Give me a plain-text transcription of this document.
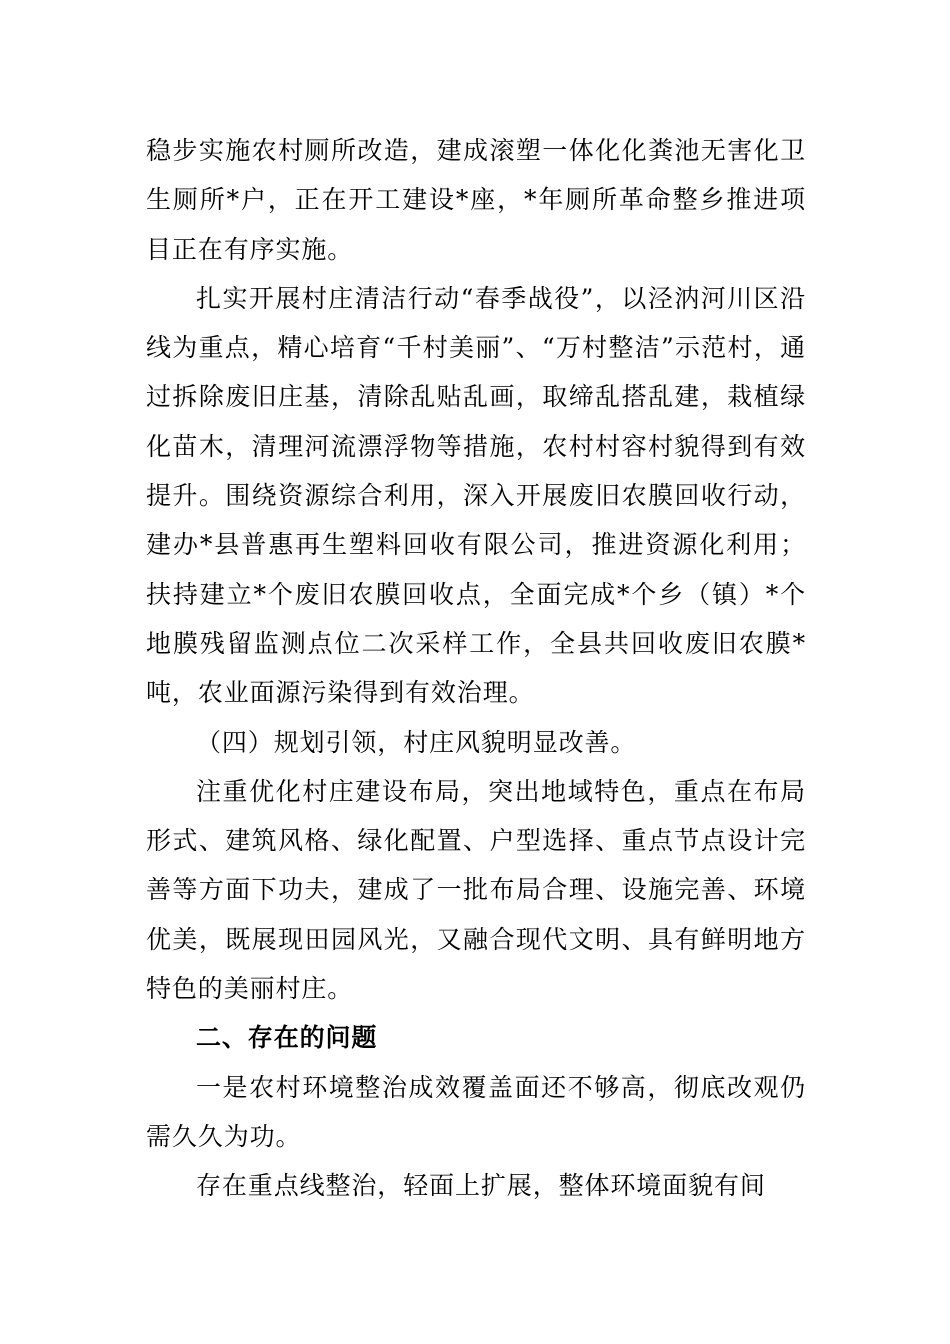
稳步实施农村厕所改造，建成滚塑一体化化粪池无害化卫生厕所*户，正在开工建设*座，*年厕所革命整乡推进项目正在有序实施。

扎实开展村庄清洁行动“春季战役”，以泾汭河川区沿线为重点，精心培育“千村美丽”、“万村整洁”示范村，通过拆除废旧庄基，清除乱贴乱画，取缔乱搭乱建，栽植绿化苗木，清理河流漂浮物等措施，农村村容村貌得到有效提升。围绕资源综合利用，深入开展废旧农膜回收行动，建办*县普惠再生塑料回收有限公司，推进资源化利用；扶持建立*个废旧农膜回收点，全面完成*个乡（镇）*个地膜残留监测点位二次采样工作，全县共回收废旧农膜*吨，农业面源污染得到有效治理。

（四）规划引领，村庄风貌明显改善。

注重优化村庄建设布局，突出地域特色，重点在布局形式、建筑风格、绿化配置、户型选择、重点节点设计完善等方面下功夫，建成了一批布局合理、设施完善、环境优美，既展现田园风光，又融合现代文明、具有鲜明地方特色的美丽村庄。

二、存在的问题

一是农村环境整治成效覆盖面还不够高，彻底改观仍需久久为功。

存在重点线整治，轻面上扩展，整体环境面貌有间
